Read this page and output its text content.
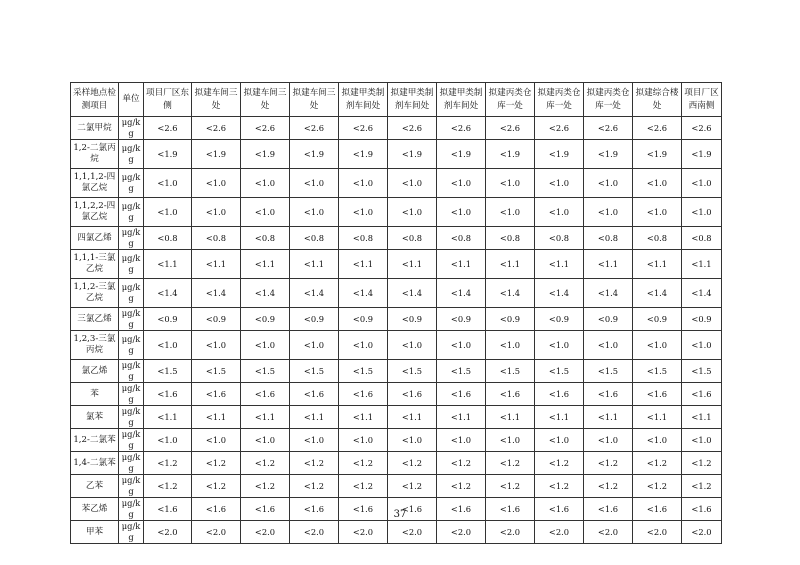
采样地点检测项目	单位	项目厂区东侧	拟建车间三处	拟建车间三处	拟建车间三处	拟建甲类制剂车间处	拟建甲类制剂车间处	拟建甲类制剂车间处	拟建丙类仓库一处	拟建丙类仓库一处	拟建丙类仓库一处	拟建综合楼处	项目厂区西南侧
二氯甲烷	μg/kg	<2.6	<2.6	<2.6	<2.6	<2.6	<2.6	<2.6	<2.6	<2.6	<2.6	<2.6	<2.6
1,2-二氯丙烷	μg/kg	<1.9	<1.9	<1.9	<1.9	<1.9	<1.9	<1.9	<1.9	<1.9	<1.9	<1.9	<1.9
1,1,1,2-四氯乙烷	μg/kg	<1.0	<1.0	<1.0	<1.0	<1.0	<1.0	<1.0	<1.0	<1.0	<1.0	<1.0	<1.0
1,1,2,2-四氯乙烷	μg/kg	<1.0	<1.0	<1.0	<1.0	<1.0	<1.0	<1.0	<1.0	<1.0	<1.0	<1.0	<1.0
四氯乙烯	μg/kg	<0.8	<0.8	<0.8	<0.8	<0.8	<0.8	<0.8	<0.8	<0.8	<0.8	<0.8	<0.8
1,1,1-三氯乙烷	μg/kg	<1.1	<1.1	<1.1	<1.1	<1.1	<1.1	<1.1	<1.1	<1.1	<1.1	<1.1	<1.1
1,1,2-三氯乙烷	μg/kg	<1.4	<1.4	<1.4	<1.4	<1.4	<1.4	<1.4	<1.4	<1.4	<1.4	<1.4	<1.4
三氯乙烯	μg/kg	<0.9	<0.9	<0.9	<0.9	<0.9	<0.9	<0.9	<0.9	<0.9	<0.9	<0.9	<0.9
1,2,3-三氯丙烷	μg/kg	<1.0	<1.0	<1.0	<1.0	<1.0	<1.0	<1.0	<1.0	<1.0	<1.0	<1.0	<1.0
氯乙烯	μg/kg	<1.5	<1.5	<1.5	<1.5	<1.5	<1.5	<1.5	<1.5	<1.5	<1.5	<1.5	<1.5
苯	μg/kg	<1.6	<1.6	<1.6	<1.6	<1.6	<1.6	<1.6	<1.6	<1.6	<1.6	<1.6	<1.6
氯苯	μg/kg	<1.1	<1.1	<1.1	<1.1	<1.1	<1.1	<1.1	<1.1	<1.1	<1.1	<1.1	<1.1
1,2-二氯苯	μg/kg	<1.0	<1.0	<1.0	<1.0	<1.0	<1.0	<1.0	<1.0	<1.0	<1.0	<1.0	<1.0
1,4-二氯苯	μg/kg	<1.2	<1.2	<1.2	<1.2	<1.2	<1.2	<1.2	<1.2	<1.2	<1.2	<1.2	<1.2
乙苯	μg/kg	<1.2	<1.2	<1.2	<1.2	<1.2	<1.2	<1.2	<1.2	<1.2	<1.2	<1.2	<1.2
苯乙烯	μg/kg	<1.6	<1.6	<1.6	<1.6	<1.6	<1.6	<1.6	<1.6	<1.6	<1.6	<1.6	<1.6
甲苯	μg/kg	<2.0	<2.0	<2.0	<2.0	<2.0	<2.0	<2.0	<2.0	<2.0	<2.0	<2.0	<2.0
37
